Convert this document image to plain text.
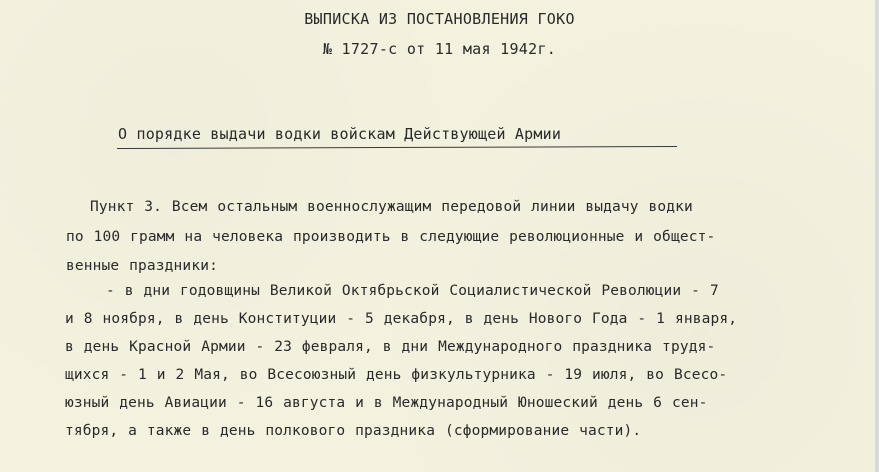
ВЫПИСКА ИЗ ПОСТАНОВЛЕНИЯ ГОКО
№ 1727-с от 11 мая 1942г.
О порядке выдачи водки войскам Действующей Армии
Пункт 3. Всем остальным военнослужащим передовой линии выдачу водки
по 100 грамм на человека производить в следующие революционные и общест-
венные праздники:
- в дни годовщины Великой Октябрьской Социалистической Революции - 7
и 8 ноября, в день Конституции - 5 декабря, в день Нового Года - 1 января,
в день Красной Армии - 23 февраля, в дни Международного праздника трудя-
щихся - 1 и 2 Мая, во Всесоюзный день физкультурника - 19 июля, во Всесо-
юзный день Авиации - 16 августа и в Международный Юношеский день 6 сен-
тября, а также в день полкового праздника (сформирование части).
